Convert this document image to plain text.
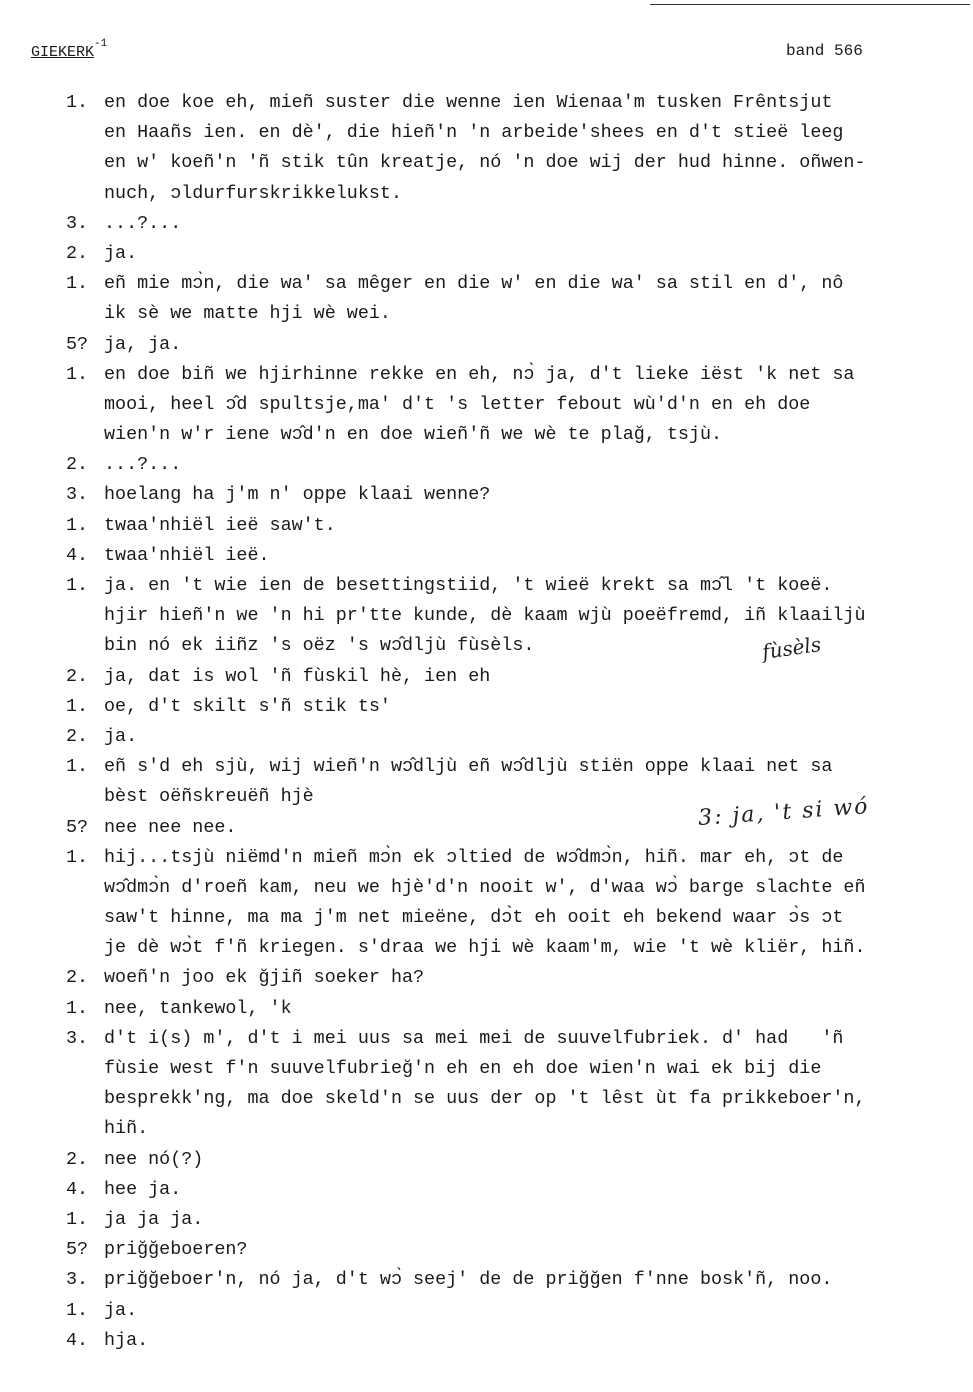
$GIEKERK^{-1}$	band 566
1. en doe koe eh, mieñ suster die wenne ien Wienaa'm tusken Frêntsjut
en Haañs ien. en dè', die hieñ'n 'n arbeide'shees en d't stieë leeg
en w' koeñ'n 'ñ stik tûn kreatje, nó 'n doe wij der hud hinne. oñwen-
nuch, ɔldurfurskrikkelukst.
3. ...?...
2. ja.
1. eñ mie mɔ̀n, die wa' sa mêger en die w' en die wa' sa stil en d', nô
ik sè we matte hji wè wei.
5? ja, ja.
1. en doe biñ we hjirhinne rekke en eh, nɔ̀ ja, d't lieke iëst 'k net sa
mooi, heel ɔ̂d spultsje,ma' d't 's letter febout wù'd'n en eh doe
wien'n w'r iene wɔ̂d'n en doe wieñ'ñ we wè te plağ, tsjù.
2. ...?...
3. hoelang ha j'm n' oppe klaai wenne?
1. twaa'nhiël ieë saw't.
4. twaa'nhiël ieë.
1. ja. en 't wie ien de besettingstiid, 't wieë krekt sa mɔ̂l 't koeë.
hjir hieñ'n we 'n hi pr'tte kunde, dè kaam wjù poeëfremd, iñ klaailjù
bin nó ek iiñz 's oëz 's wɔ̂dljù fùsèls.
2. ja, dat is wol 'ñ fùskil hè, ien eh
1. oe, d't skilt s'ñ stik ts'
2. ja.
1. eñ s'd eh sjù, wij wieñ'n wɔ̂dljù eñ wɔ̂dljù stiën oppe klaai net sa
bèst oëñskreuëñ hjè
5? nee nee nee.
1. hij...tsjù niëmd'n mieñ mɔ̀n ek ɔltied de wɔ̂dmɔ̀n, hiñ. mar eh, ɔt de
wɔ̂dmɔ̀n d'roeñ kam, neu we hjè'd'n nooit w', d'waa wɔ̀ barge slachte eñ
saw't hinne, ma ma j'm net mieëne, dɔ̀t eh ooit eh bekend waar ɔ̀s ɔt
je dè wɔ̀t f'ñ kriegen. s'draa we hji wè kaam'm, wie 't wè kliër, hiñ.
2. woeñ'n joo ek ğjiñ soeker ha?
1. nee, tankewol, 'k
3. d't i(s) m', d't i mei uus sa mei mei de suuvelfubriek. d' had   'ñ
fùsie west f'n suuvelfubrieğ'n eh en eh doe wien'n wai ek bij die
besprekk'ng, ma doe skeld'n se uus der op 't lêst ùt fa prikkeboer'n,
hiñ.
2. nee nó(?)
4. hee ja.
1. ja ja ja.
5? priğğeboeren?
3. priğğeboer'n, nó ja, d't wɔ̀ seej' de de priğğen f'nne bosk'ñ, noo.
1. ja.
4. hja.
fùsèls
3: ja, 't si wó
